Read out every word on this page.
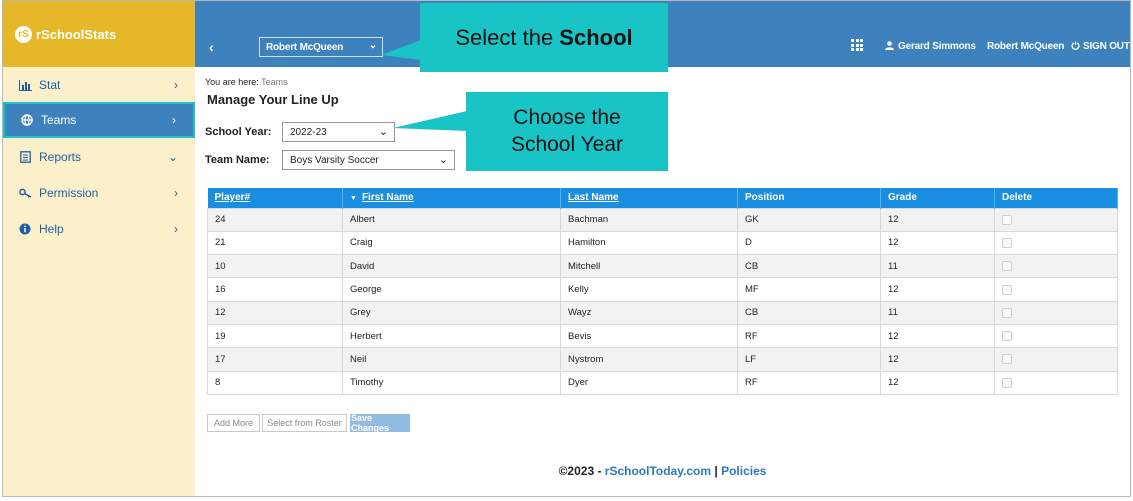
rS rSchoolStats
Stat	›
Teams	›
Reports	⌄
Permission	›
Help	›
‹	Robert McQueen	⌄	Gerard Simmons Robert McQueen	SIGN OUT
You are here: Teams
Manage Your Line Up
School Year: 2022-23	⌄
Team Name: Boys Varsity Soccer	⌄
Player#	▼ First Name	Last Name	Position	Grade	Delete
24	Albert	Bachman	GK	12	
21	Craig	Hamilton	D	12	
10	David	Mitchell	CB	11	
16	George	Kelly	MF	12	
12	Grey	Wayz	CB	11	
19	Herbert	Bevis	RF	12	
17	Neil	Nystrom	LF	12	
8	Timothy	Dyer	RF	12	
Add More	Select from Roster	Save Changes
©2023 - rSchoolToday.com | Policies
Select the School
Choose the
School Year
